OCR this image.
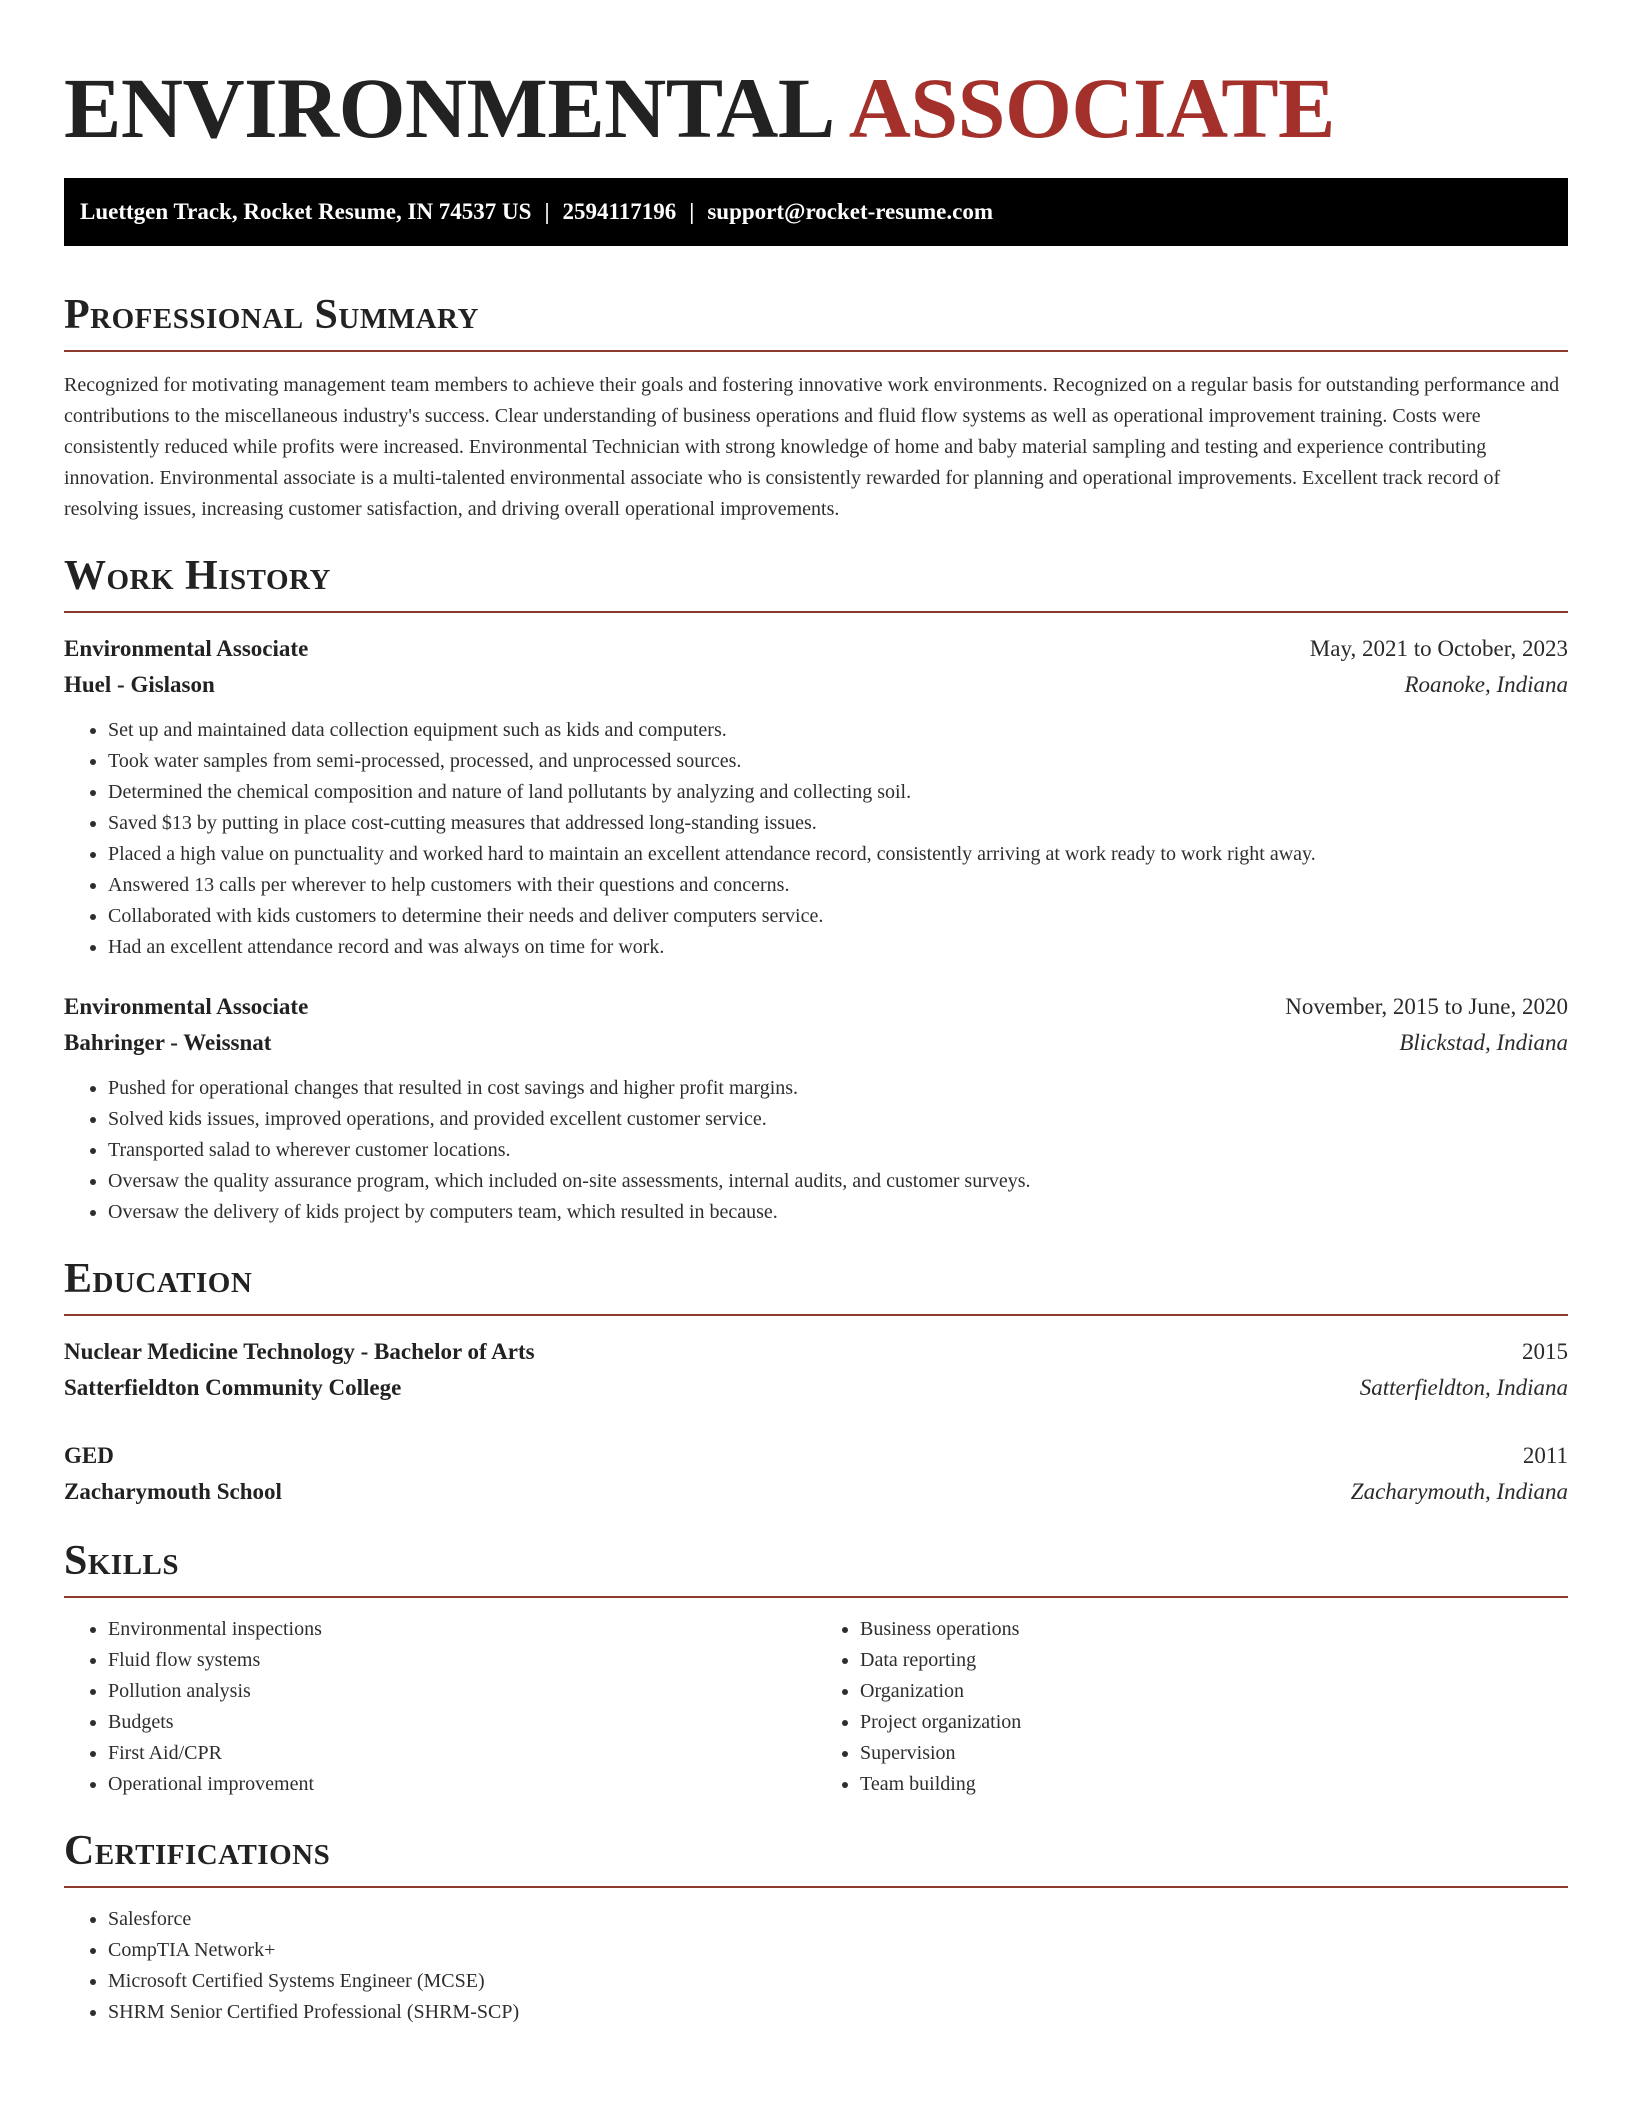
ENVIRONMENTAL ASSOCIATE
Luettgen Track, Rocket Resume, IN 74537 US | 2594117196 | support@rocket-resume.com
Professional Summary

Recognized for motivating management team members to achieve their goals and fostering innovative work environments. Recognized on a regular basis for outstanding performance and contributions to the miscellaneous industry's success. Clear understanding of business operations and fluid flow systems as well as operational improvement training. Costs were consistently reduced while profits were increased. Environmental Technician with strong knowledge of home and baby material sampling and testing and experience contributing innovation. Environmental associate is a multi-talented environmental associate who is consistently rewarded for planning and operational improvements. Excellent track record of resolving issues, increasing customer satisfaction, and driving overall operational improvements.

Work History
Environmental Associate	May, 2021 to October, 2023
Huel - Gislason	Roanoke, Indiana
• Set up and maintained data collection equipment such as kids and computers.
• Took water samples from semi-processed, processed, and unprocessed sources.
• Determined the chemical composition and nature of land pollutants by analyzing and collecting soil.
• Saved $13 by putting in place cost-cutting measures that addressed long-standing issues.
• Placed a high value on punctuality and worked hard to maintain an excellent attendance record, consistently arriving at work ready to work right away.
• Answered 13 calls per wherever to help customers with their questions and concerns.
• Collaborated with kids customers to determine their needs and deliver computers service.
• Had an excellent attendance record and was always on time for work.
Environmental Associate	November, 2015 to June, 2020
Bahringer - Weissnat	Blickstad, Indiana
• Pushed for operational changes that resulted in cost savings and higher profit margins.
• Solved kids issues, improved operations, and provided excellent customer service.
• Transported salad to wherever customer locations.
• Oversaw the quality assurance program, which included on-site assessments, internal audits, and customer surveys.
• Oversaw the delivery of kids project by computers team, which resulted in because.
Education
Nuclear Medicine Technology - Bachelor of Arts	2015
Satterfieldton Community College	Satterfieldton, Indiana
GED	2011
Zacharymouth School	Zacharymouth, Indiana
Skills
• Environmental inspections
• Fluid flow systems
• Pollution analysis
• Budgets
• First Aid/CPR
• Operational improvement
• Business operations
• Data reporting
• Organization
• Project organization
• Supervision
• Team building
Certifications
• Salesforce
• CompTIA Network+
• Microsoft Certified Systems Engineer (MCSE)
• SHRM Senior Certified Professional (SHRM-SCP)
